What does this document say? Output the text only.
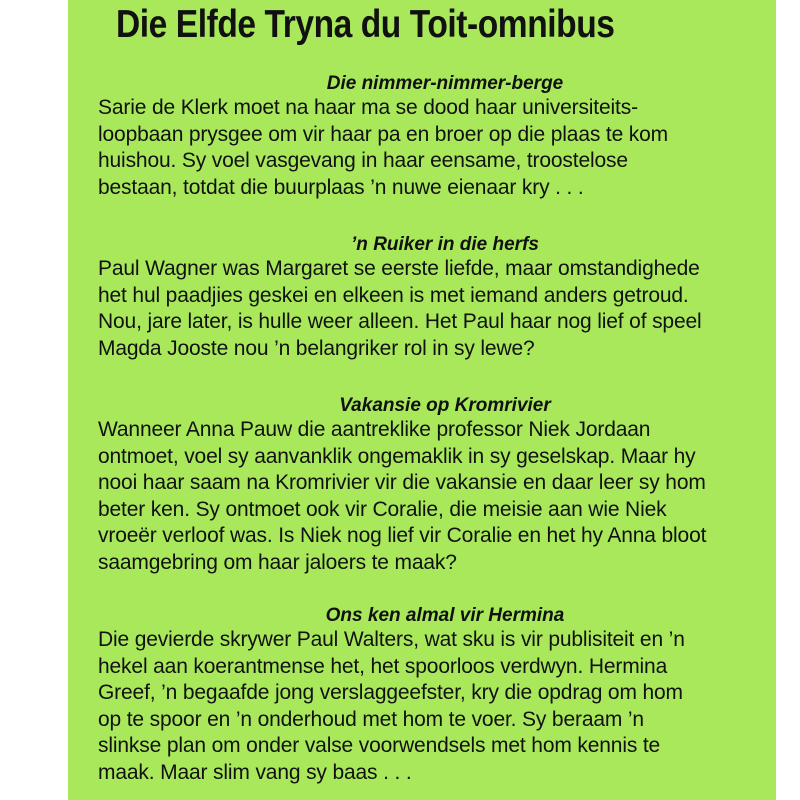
Die Elfde Tryna du Toit-omnibus
Die nimmer-nimmer-berge

Sarie de Klerk moet na haar ma se dood haar universiteits-
loopbaan prysgee om vir haar pa en broer op die plaas te kom
huishou. Sy voel vasgevang in haar eensame, troostelose
bestaan, totdat die buurplaas ’n nuwe eienaar kry . . .

’n Ruiker in die herfs

Paul Wagner was Margaret se eerste liefde, maar omstandighede
het hul paadjies geskei en elkeen is met iemand anders getroud.
Nou, jare later, is hulle weer alleen. Het Paul haar nog lief of speel
Magda Jooste nou ’n belangriker rol in sy lewe?

Vakansie op Kromrivier

Wanneer Anna Pauw die aantreklike professor Niek Jordaan
ontmoet, voel sy aanvanklik ongemaklik in sy geselskap. Maar hy
nooi haar saam na Kromrivier vir die vakansie en daar leer sy hom
beter ken. Sy ontmoet ook vir Coralie, die meisie aan wie Niek
vroeër verloof was. Is Niek nog lief vir Coralie en het hy Anna bloot
saamgebring om haar jaloers te maak?

Ons ken almal vir Hermina

Die gevierde skrywer Paul Walters, wat sku is vir publisiteit en ’n
hekel aan koerantmense het, het spoorloos verdwyn. Hermina
Greef, ’n begaafde jong verslaggeefster, kry die opdrag om hom
op te spoor en ’n onderhoud met hom te voer. Sy beraam ’n
slinkse plan om onder valse voorwendsels met hom kennis te
maak. Maar slim vang sy baas . . .
